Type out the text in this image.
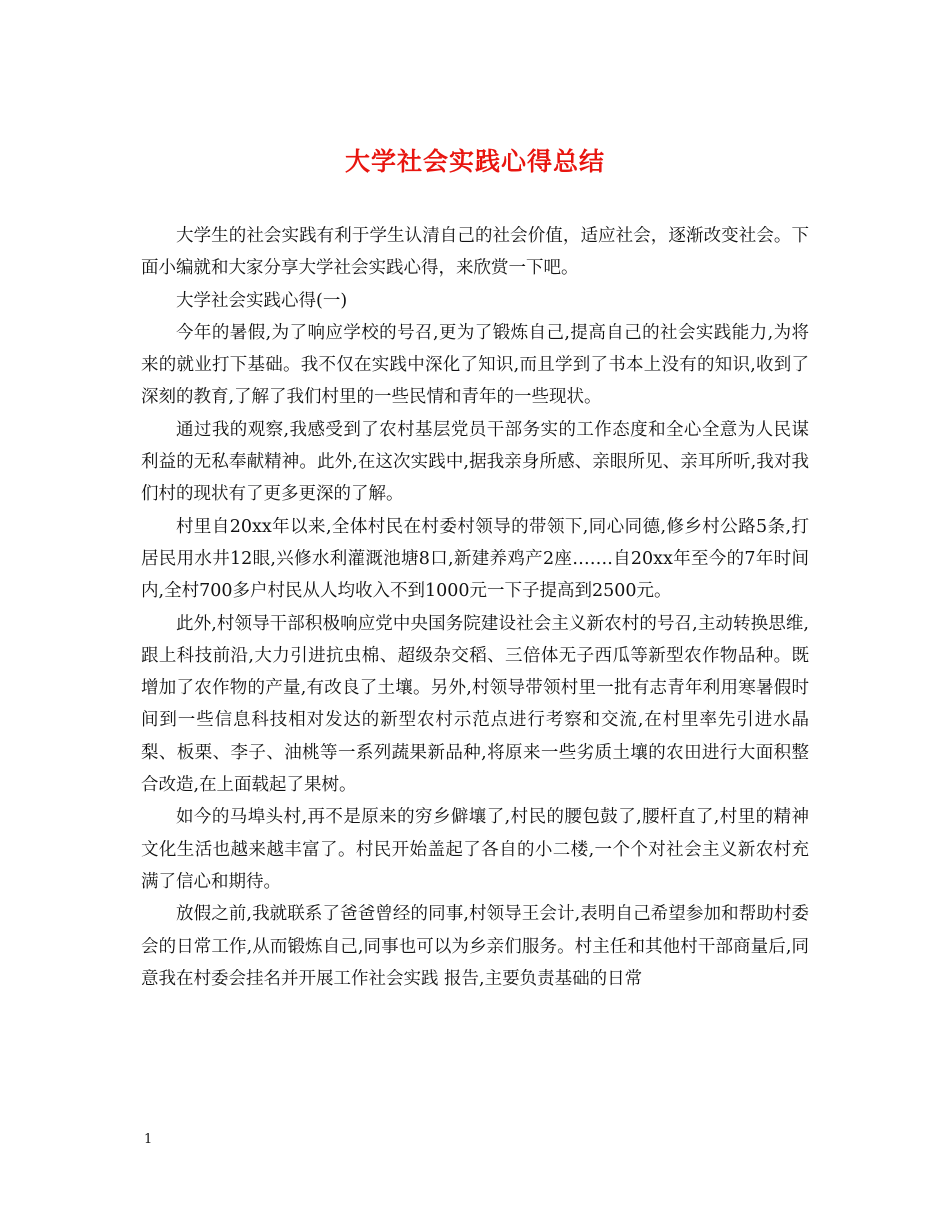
大学社会实践心得总结

大学生的社会实践有利于学生认清自己的社会价值，适应社会，逐渐改变社会。下面小编就和大家分享大学社会实践心得，来欣赏一下吧。

大学社会实践心得(一)

今年的暑假,为了响应学校的号召,更为了锻炼自己,提高自己的社会实践能力,为将来的就业打下基础。我不仅在实践中深化了知识,而且学到了书本上没有的知识,收到了深刻的教育,了解了我们村里的一些民情和青年的一些现状。

通过我的观察,我感受到了农村基层党员干部务实的工作态度和全心全意为人民谋利益的无私奉献精神。此外,在这次实践中,据我亲身所感、亲眼所见、亲耳所听,我对我们村的现状有了更多更深的了解。

村里自20xx年以来,全体村民在村委村领导的带领下,同心同德,修乡村公路5条,打居民用水井12眼,兴修水利灌溉池塘8口,新建养鸡产2座…….自20xx年至今的7年时间内,全村700多户村民从人均收入不到1000元一下子提高到2500元。

此外,村领导干部积极响应党中央国务院建设社会主义新农村的号召,主动转换思维,跟上科技前沿,大力引进抗虫棉、超级杂交稻、三倍体无子西瓜等新型农作物品种。既增加了农作物的产量,有改良了土壤。另外,村领导带领村里一批有志青年利用寒暑假时间到一些信息科技相对发达的新型农村示范点进行考察和交流,在村里率先引进水晶梨、板栗、李子、油桃等一系列蔬果新品种,将原来一些劣质土壤的农田进行大面积整合改造,在上面载起了果树。

如今的马埠头村,再不是原来的穷乡僻壤了,村民的腰包鼓了,腰杆直了,村里的精神文化生活也越来越丰富了。村民开始盖起了各自的小二楼,一个个对社会主义新农村充满了信心和期待。

放假之前,我就联系了爸爸曾经的同事,村领导王会计,表明自己希望参加和帮助村委会的日常工作,从而锻炼自己,同事也可以为乡亲们服务。村主任和其他村干部商量后,同意我在村委会挂名并开展工作社会实践 报告,主要负责基础的日常

1
